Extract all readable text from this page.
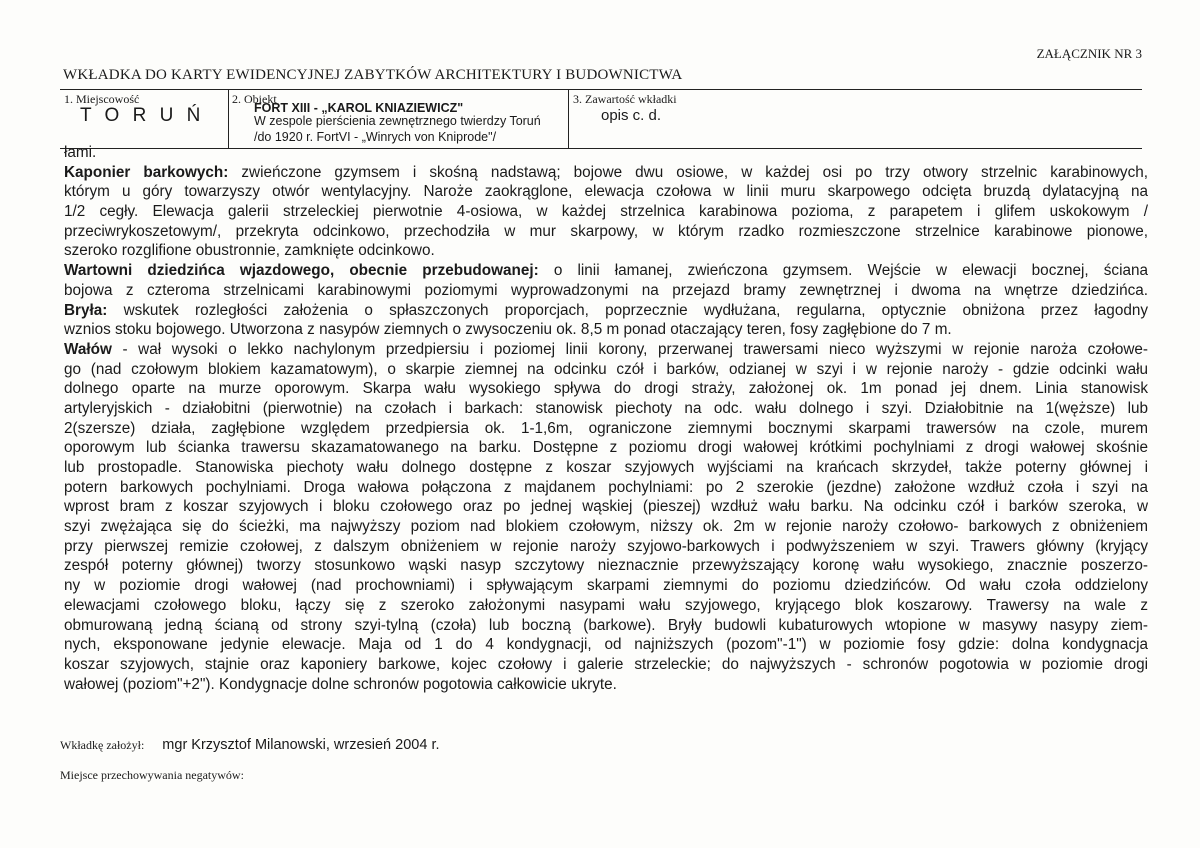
ZAŁĄCZNIK NR 3
WKŁADKA DO KARTY EWIDENCYJNEJ ZABYTKÓW ARCHITEKTURY I BUDOWNICTWA
1. Miejscowość
T O R U Ń
2. Obiekt
FORT XIII - „KAROL KNIAZIEWICZ"
W zespole pierścienia zewnętrznego twierdzy Toruń
/do 1920 r. FortVI - „Winrych von Kniprode"/
3. Zawartość wkładki
opis c. d.
łami.
Kaponier barkowych: zwieńczone gzymsem i skośną nadstawą; bojowe dwu osiowe, w każdej osi po trzy otwory strzelnic karabinowych,
którym u góry towarzyszy otwór wentylacyjny. Naroże zaokrąglone, elewacja czołowa w linii muru skarpowego odcięta bruzdą dylatacyjną na
1/2 cegły. Elewacja galerii strzeleckiej pierwotnie 4-osiowa, w każdej strzelnica karabinowa pozioma, z parapetem i glifem uskokowym /
przeciwrykoszetowym/, przekryta odcinkowo, przechodziła w mur skarpowy, w którym rzadko rozmieszczone strzelnice karabinowe pionowe,
szeroko rozglifione obustronnie, zamknięte odcinkowo.
Wartowni dziedzińca wjazdowego, obecnie przebudowanej: o linii łamanej, zwieńczona gzymsem. Wejście w elewacji bocznej, ściana
bojowa z czteroma strzelnicami karabinowymi poziomymi wyprowadzonymi na przejazd bramy zewnętrznej i dwoma na wnętrze dziedzińca.
Bryła: wskutek rozległości założenia o spłaszczonych proporcjach, poprzecznie wydłużana, regularna, optycznie obniżona przez łagodny
wznios stoku bojowego. Utworzona z nasypów ziemnych o zwysoczeniu ok. 8,5 m ponad otaczający teren, fosy zagłębione do 7 m.
Wałów - wał wysoki o lekko nachylonym przedpiersiu i poziomej linii korony, przerwanej trawersami nieco wyższymi w rejonie naroża czołowe-
go (nad czołowym blokiem kazamatowym), o skarpie ziemnej na odcinku czół i barków, odzianej w szyi i w rejonie naroży - gdzie odcinki wału
dolnego oparte na murze oporowym. Skarpa wału wysokiego spływa do drogi straży, założonej ok. 1m ponad jej dnem. Linia stanowisk
artyleryjskich - działobitni (pierwotnie) na czołach i barkach: stanowisk piechoty na odc. wału dolnego i szyi. Działobitnie na 1(węższe) lub
2(szersze) działa, zagłębione względem przedpiersia ok. 1-1,6m, ograniczone ziemnymi bocznymi skarpami trawersów na czole, murem
oporowym lub ścianka trawersu skazamatowanego na barku. Dostępne z poziomu drogi wałowej krótkimi pochylniami z drogi wałowej skośnie
lub prostopadle. Stanowiska piechoty wału dolnego dostępne z koszar szyjowych wyjściami na krańcach skrzydeł, także poterny głównej i
potern barkowych pochylniami. Droga wałowa połączona z majdanem pochylniami: po 2 szerokie (jezdne) założone wzdłuż czoła i szyi na
wprost bram z koszar szyjowych i bloku czołowego oraz po jednej wąskiej (pieszej) wzdłuż wału barku. Na odcinku czół i barków szeroka, w
szyi zwężająca się do ścieżki, ma najwyższy poziom nad blokiem czołowym, niższy ok. 2m w rejonie naroży czołowo- barkowych z obniżeniem
przy pierwszej remizie czołowej, z dalszym obniżeniem w rejonie naroży szyjowo-barkowych i podwyższeniem w szyi. Trawers główny (kryjący
zespół poterny głównej) tworzy stosunkowo wąski nasyp szczytowy nieznacznie przewyższający koronę wału wysokiego, znacznie poszerzo-
ny w poziomie drogi wałowej (nad prochowniami) i spływającym skarpami ziemnymi do poziomu dziedzińców. Od wału czoła oddzielony
elewacjami czołowego bloku, łączy się z szeroko założonymi nasypami wału szyjowego, kryjącego blok koszarowy. Trawersy na wale z
obmurowaną jedną ścianą od strony szyi-tylną (czoła) lub boczną (barkowe). Bryły budowli kubaturowych wtopione w masywy nasypy ziem-
nych, eksponowane jedynie elewacje. Maja od 1 do 4 kondygnacji, od najniższych (pozom"-1") w poziomie fosy gdzie: dolna kondygnacja
koszar szyjowych, stajnie oraz kaponiery barkowe, kojec czołowy i galerie strzeleckie; do najwyższych - schronów pogotowia w poziomie drogi
wałowej (poziom"+2"). Kondygnacje dolne schronów pogotowia całkowicie ukryte.
Wkładkę założył: mgr Krzysztof Milanowski, wrzesień 2004 r.
Miejsce przechowywania negatywów:
